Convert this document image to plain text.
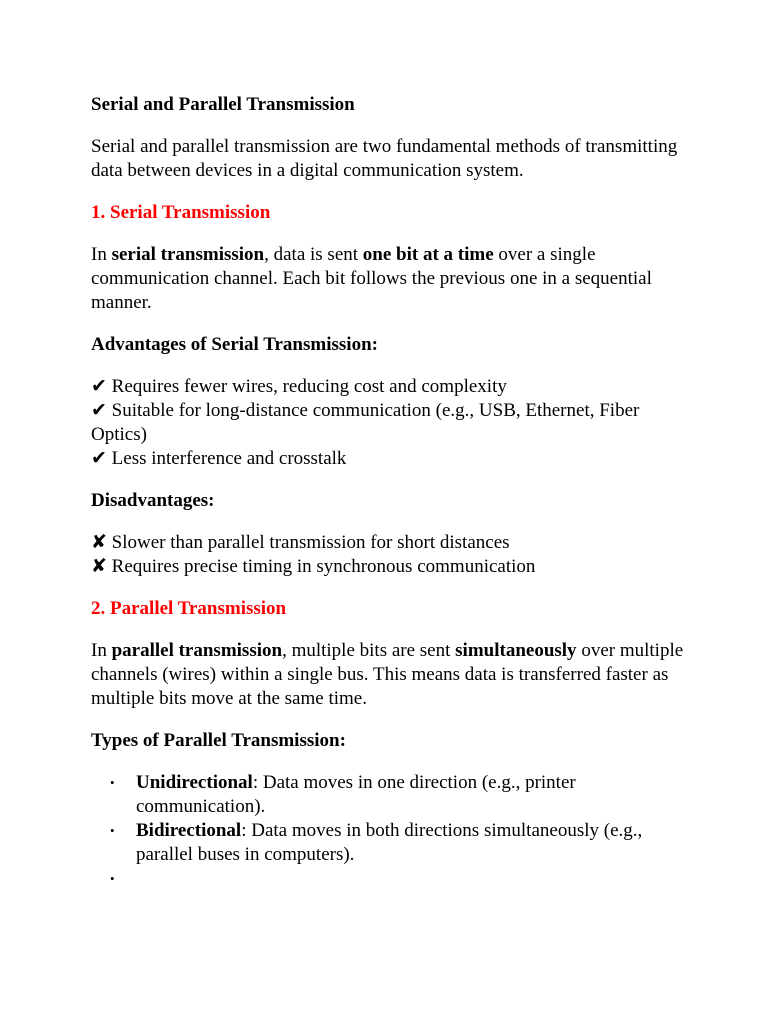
Serial and Parallel Transmission

Serial and parallel transmission are two fundamental methods of transmitting data between devices in a digital communication system.

1. Serial Transmission

In serial transmission, data is sent one bit at a time over a single communication channel. Each bit follows the previous one in a sequential manner.

Advantages of Serial Transmission:

✔ Requires fewer wires, reducing cost and complexity

✔ Suitable for long-distance communication (e.g., USB, Ethernet, Fiber Optics)

✔ Less interference and crosstalk

Disadvantages:

✘ Slower than parallel transmission for short distances

✘ Requires precise timing in synchronous communication

2. Parallel Transmission

In parallel transmission, multiple bits are sent simultaneously over multiple channels (wires) within a single bus. This means data is transferred faster as multiple bits move at the same time.

Types of Parallel Transmission:

• Unidirectional: Data moves in one direction (e.g., printer communication).
• Bidirectional: Data moves in both directions simultaneously (e.g., parallel buses in computers).
•
